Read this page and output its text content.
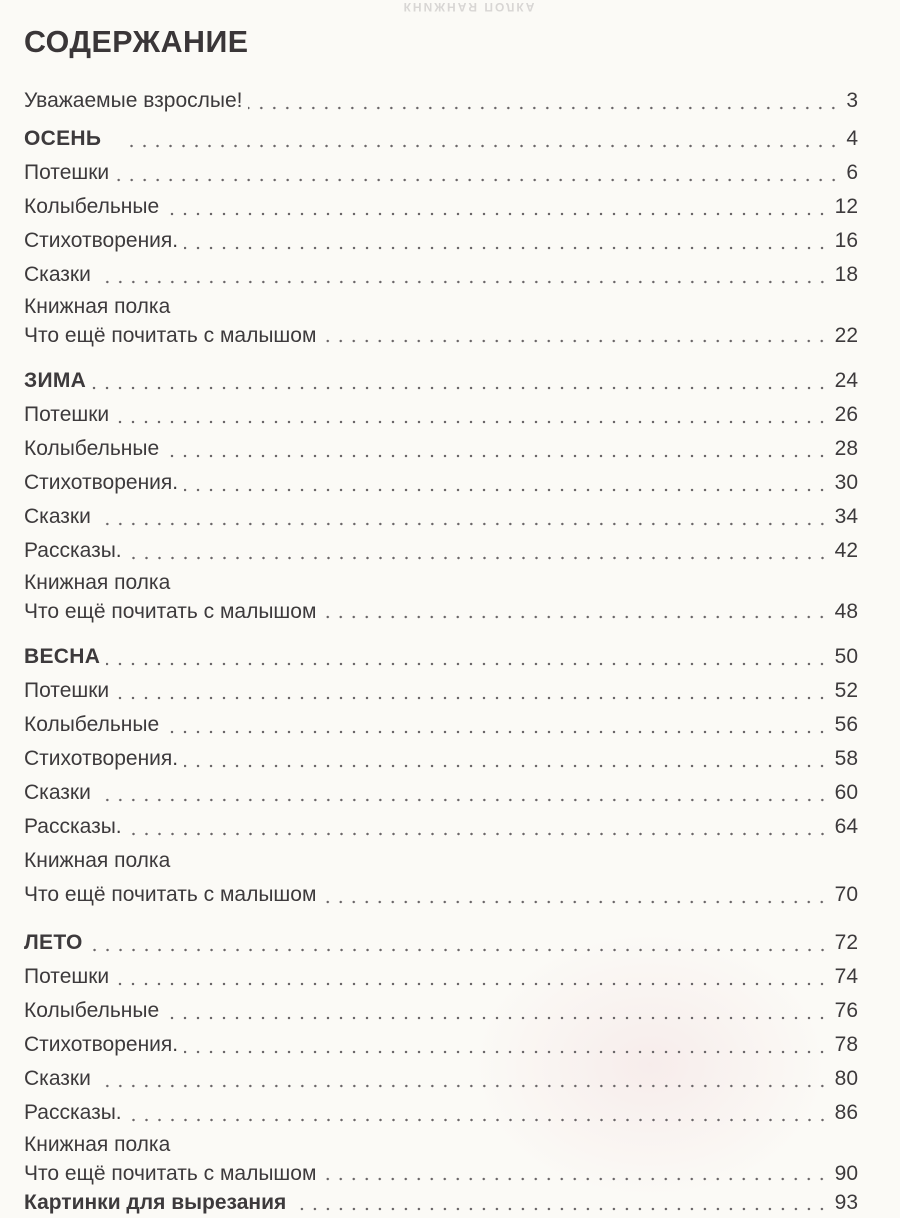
КНИЖНАЯ ПОЛКА
СОДЕРЖАНИЕ
Уважаемые взрослые!	3
ОСЕНЬ	4
Потешки	6
Колыбельные	12
Стихотворения.	16
Сказки	18
Книжная полка
Что ещё почитать с малышом	22
ЗИМА	24
Потешки	26
Колыбельные	28
Стихотворения.	30
Сказки	34
Рассказы.	42
Книжная полка
Что ещё почитать с малышом	48
ВЕСНА	50
Потешки	52
Колыбельные	56
Стихотворения.	58
Сказки	60
Рассказы.	64
Книжная полка
Что ещё почитать с малышом	70
ЛЕТО	72
Потешки	74
Колыбельные	76
Стихотворения.	78
Сказки	80
Рассказы.	86
Книжная полка
Что ещё почитать с малышом	90
Картинки для вырезания	93
